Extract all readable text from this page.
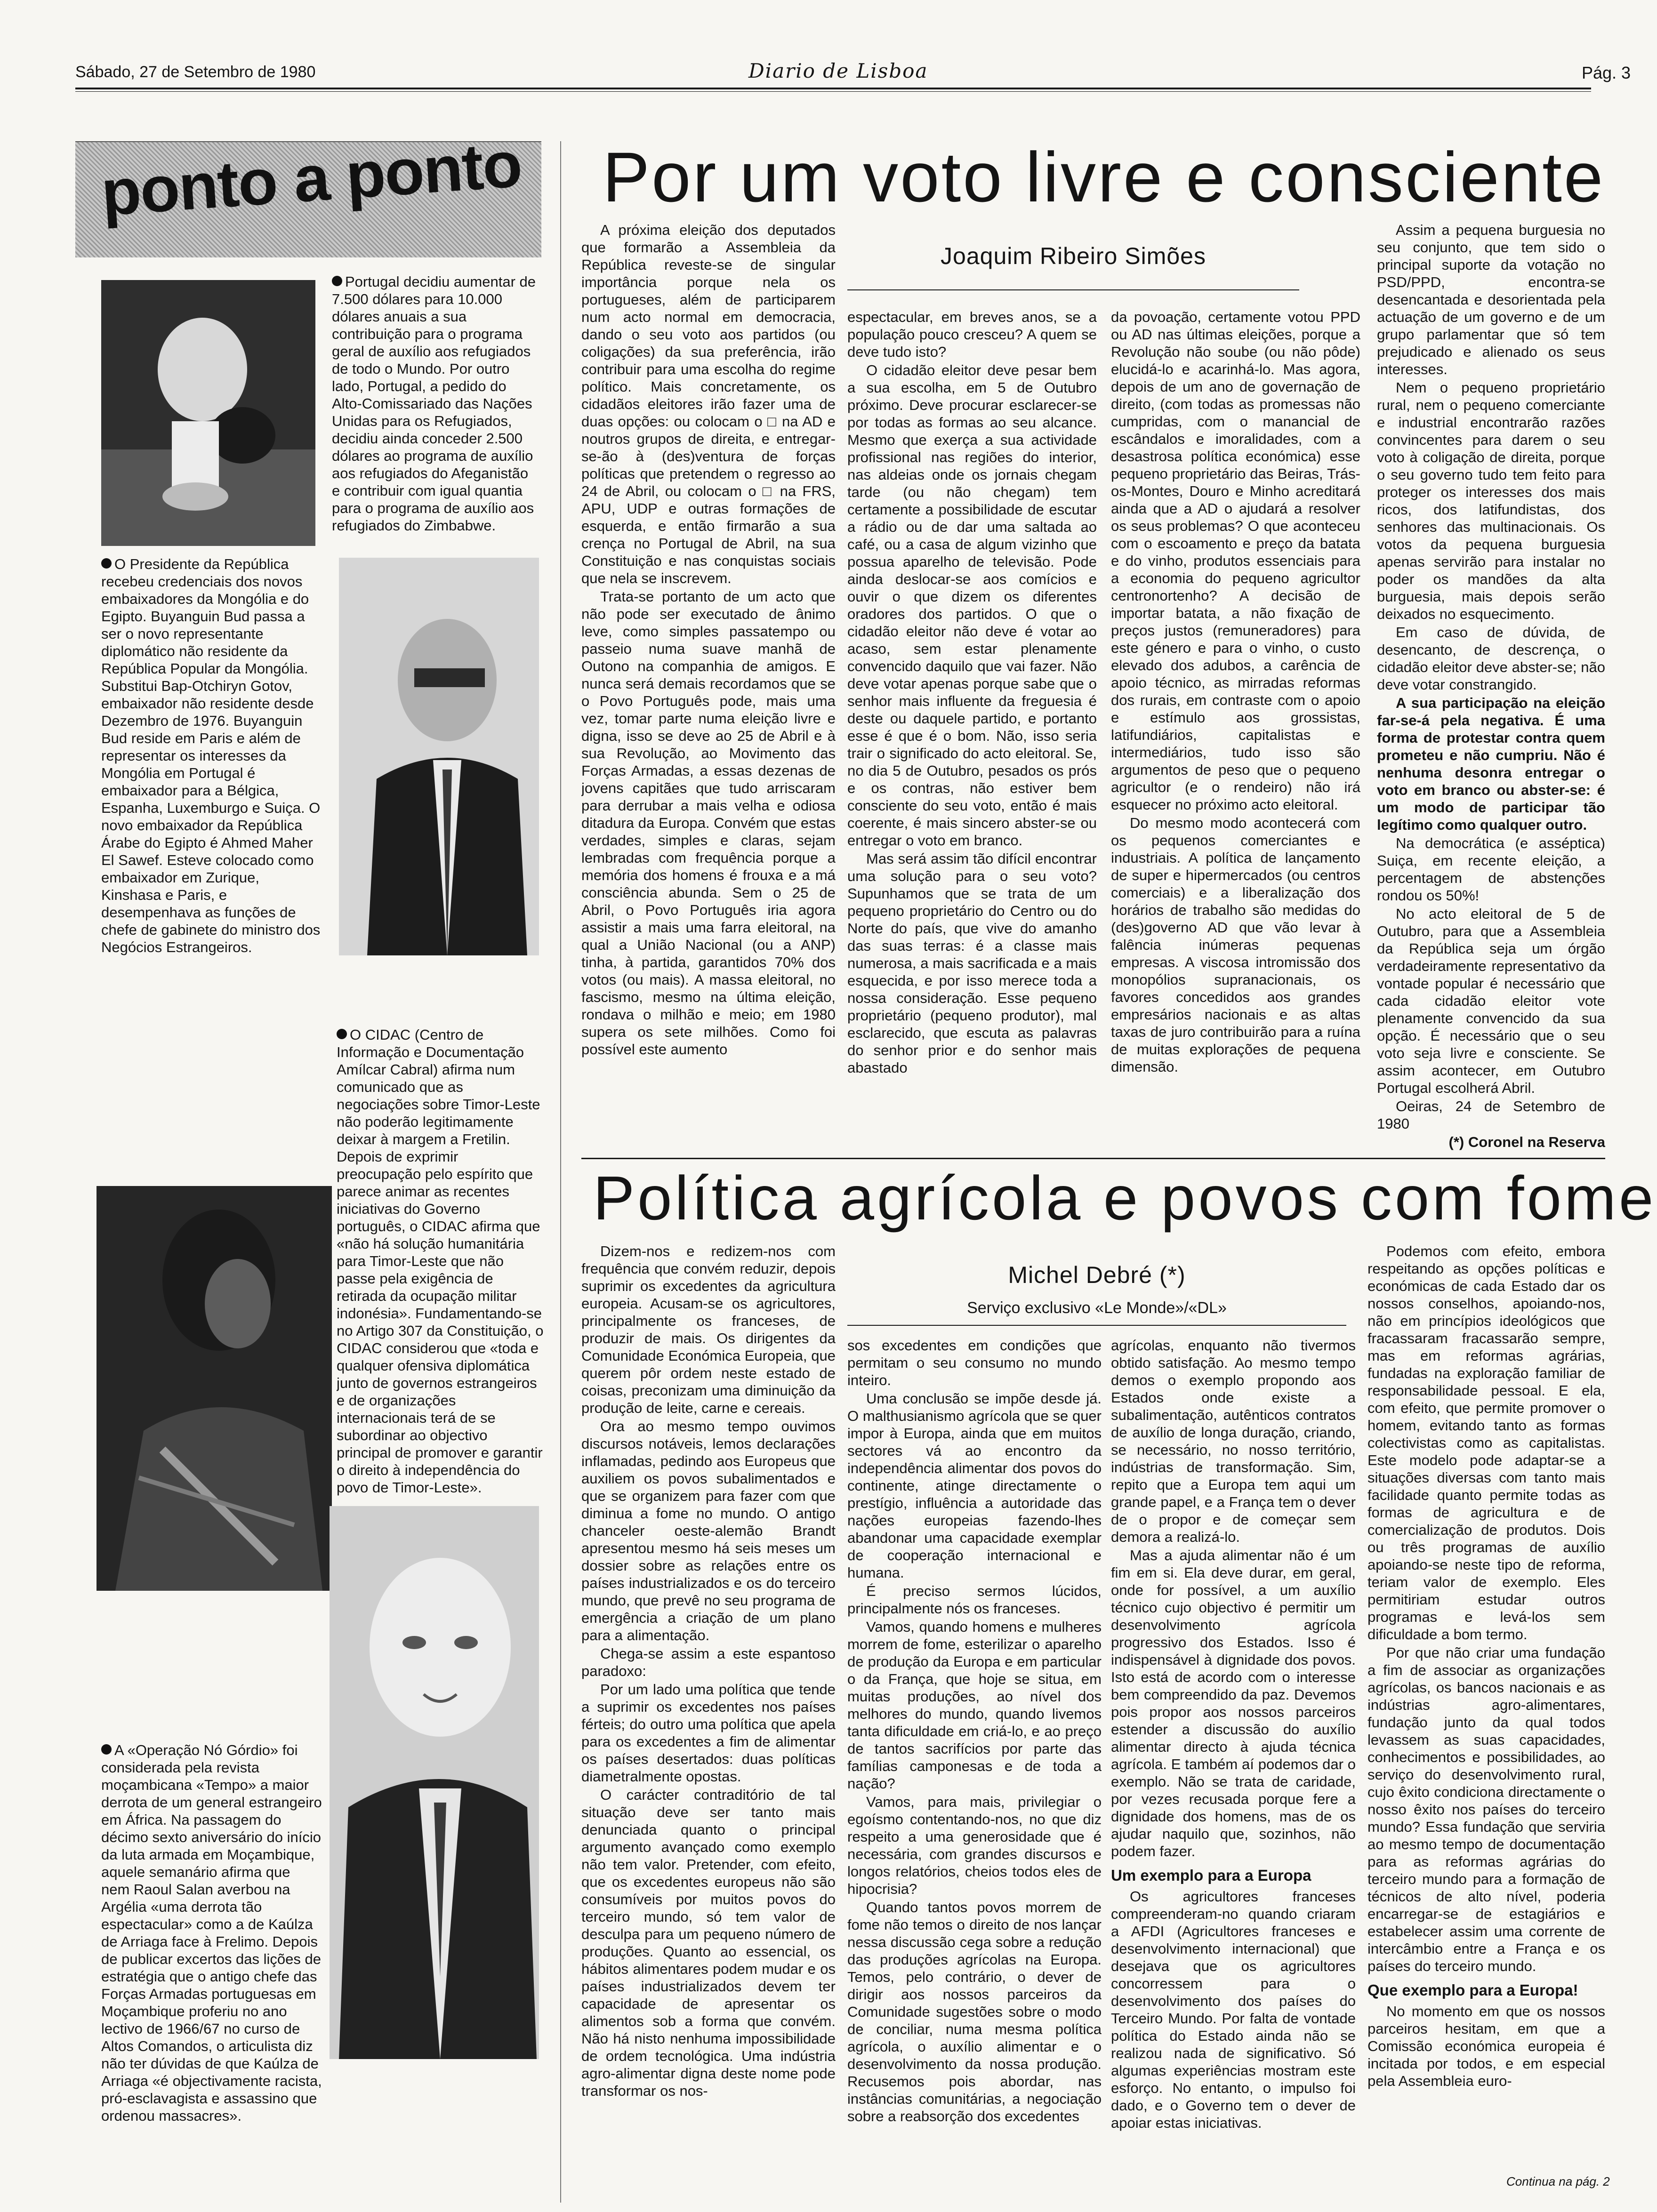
Sábado, 27 de Setembro de 1980	Diario de Lisboa	Pág. 3
ponto a ponto

Portugal decidiu aumentar de 7.500 dólares para 10.000 dólares anuais a sua contribuição para o programa geral de auxílio aos refugiados de todo o Mundo. Por outro lado, Portugal, a pedido do Alto-Comissariado das Nações Unidas para os Refugiados, decidiu ainda conceder 2.500 dólares ao programa de auxílio aos refugiados do Afeganistão e contribuir com igual quantia para o programa de auxílio aos refugiados do Zimbabwe.

O Presidente da República recebeu credenciais dos novos embaixadores da Mongólia e do Egipto. Buyanguin Bud passa a ser o novo representante diplomático não residente da República Popular da Mongólia. Substitui Bap-Otchiryn Gotov, embaixador não residente desde Dezembro de 1976. Buyanguin Bud reside em Paris e além de representar os interesses da Mongólia em Portugal é embaixador para a Bélgica, Espanha, Luxemburgo e Suiça. O novo embaixador da República Árabe do Egipto é Ahmed Maher El Sawef. Esteve colocado como embaixador em Zurique, Kinshasa e Paris, e desempenhava as funções de chefe de gabinete do ministro dos Negócios Estrangeiros.

O CIDAC (Centro de Informação e Documentação Amílcar Cabral) afirma num comunicado que as negociações sobre Timor-Leste não poderão legitimamente deixar à margem a Fretilin. Depois de exprimir preocupação pelo espírito que parece animar as recentes iniciativas do Governo português, o CIDAC afirma que «não há solução humanitária para Timor-Leste que não passe pela exigência de retirada da ocupação militar indonésia». Fundamentando-se no Artigo 307 da Constituição, o CIDAC considerou que «toda e qualquer ofensiva diplomática junto de governos estrangeiros e de organizações internacionais terá de se subordinar ao objectivo principal de promover e garantir o direito à independência do povo de Timor-Leste».

A «Operação Nó Górdio» foi considerada pela revista moçambicana «Tempo» a maior derrota de um general estrangeiro em África. Na passagem do décimo sexto aniversário do início da luta armada em Moçambique, aquele semanário afirma que nem Raoul Salan averbou na Argélia «uma derrota tão espectacular» como a de Kaúlza de Arriaga face à Frelimo. Depois de publicar excertos das lições de estratégia que o antigo chefe das Forças Armadas portuguesas em Moçambique proferiu no ano lectivo de 1966/67 no curso de Altos Comandos, o articulista diz não ter dúvidas de que Kaúlza de Arriaga «é objectivamente racista, pró-esclavagista e assassino que ordenou massacres».

Por um voto livre e consciente

A próxima eleição dos deputados que formarão a Assembleia da República reveste-se de singular importância porque nela os portugueses, além de participarem num acto normal em democracia, dando o seu voto aos partidos (ou coligações) da sua preferência, irão contribuir para uma escolha do regime político. Mais concretamente, os cidadãos eleitores irão fazer uma de duas opções: ou colocam o □ na AD e noutros grupos de direita, e entregar-se-ão à (des)ventura de forças políticas que pretendem o regresso ao 24 de Abril, ou colocam o □ na FRS, APU, UDP e outras formações de esquerda, e então firmarão a sua crença no Portugal de Abril, na sua Constituição e nas conquistas sociais que nela se inscrevem.

Trata-se portanto de um acto que não pode ser executado de ânimo leve, como simples passatempo ou passeio numa suave manhã de Outono na companhia de amigos. E nunca será demais recordamos que se o Povo Português pode, mais uma vez, tomar parte numa eleição livre e digna, isso se deve ao 25 de Abril e à sua Revolução, ao Movimento das Forças Armadas, a essas dezenas de jovens capitães que tudo arriscaram para derrubar a mais velha e odiosa ditadura da Europa. Convém que estas verdades, simples e claras, sejam lembradas com frequência porque a memória dos homens é frouxa e a má consciência abunda. Sem o 25 de Abril, o Povo Português iria agora assistir a mais uma farra eleitoral, na qual a União Nacional (ou a ANP) tinha, à partida, garantidos 70% dos votos (ou mais). A massa eleitoral, no fascismo, mesmo na última eleição, rondava o milhão e meio; em 1980 supera os sete milhões. Como foi possível este aumento

Joaquim Ribeiro Simões

espectacular, em breves anos, se a população pouco cresceu? A quem se deve tudo isto?

O cidadão eleitor deve pesar bem a sua escolha, em 5 de Outubro próximo. Deve procurar esclarecer-se por todas as formas ao seu alcance. Mesmo que exerça a sua actividade profissional nas regiões do interior, nas aldeias onde os jornais chegam tarde (ou não chegam) tem certamente a possibilidade de escutar a rádio ou de dar uma saltada ao café, ou a casa de algum vizinho que possua aparelho de televisão. Pode ainda deslocar-se aos comícios e ouvir o que dizem os diferentes oradores dos partidos. O que o cidadão eleitor não deve é votar ao acaso, sem estar plenamente convencido daquilo que vai fazer. Não deve votar apenas porque sabe que o senhor mais influente da freguesia é deste ou daquele partido, e portanto esse é que é o bom. Não, isso seria trair o significado do acto eleitoral. Se, no dia 5 de Outubro, pesados os prós e os contras, não estiver bem consciente do seu voto, então é mais coerente, é mais sincero abster-se ou entregar o voto em branco.

Mas será assim tão difícil encontrar uma solução para o seu voto? Supunhamos que se trata de um pequeno proprietário do Centro ou do Norte do país, que vive do amanho das suas terras: é a classe mais numerosa, a mais sacrificada e a mais esquecida, e por isso merece toda a nossa consideração. Esse pequeno proprietário (pequeno produtor), mal esclarecido, que escuta as palavras do senhor prior e do senhor mais abastado

da povoação, certamente votou PPD ou AD nas últimas eleições, porque a Revolução não soube (ou não pôde) elucidá-lo e acarinhá-lo. Mas agora, depois de um ano de governação de direito, (com todas as promessas não cumpridas, com o manancial de escândalos e imoralidades, com a desastrosa política económica) esse pequeno proprietário das Beiras, Trás-os-Montes, Douro e Minho acreditará ainda que a AD o ajudará a resolver os seus problemas? O que aconteceu com o escoamento e preço da batata e do vinho, produtos essenciais para a economia do pequeno agricultor centronortenho? A decisão de importar batata, a não fixação de preços justos (remuneradores) para este género e para o vinho, o custo elevado dos adubos, a carência de apoio técnico, as mirradas reformas dos rurais, em contraste com o apoio e estímulo aos grossistas, latifundiários, capitalistas e intermediários, tudo isso são argumentos de peso que o pequeno agricultor (e o rendeiro) não irá esquecer no próximo acto eleitoral.

Do mesmo modo acontecerá com os pequenos comerciantes e industriais. A política de lançamento de super e hipermercados (ou centros comerciais) e a liberalização dos horários de trabalho são medidas do (des)governo AD que vão levar à falência inúmeras pequenas empresas. A viscosa intromissão dos monopólios supranacionais, os favores concedidos aos grandes empresários nacionais e as altas taxas de juro contribuirão para a ruína de muitas explorações de pequena dimensão.

Assim a pequena burguesia no seu conjunto, que tem sido o principal suporte da votação no PSD/PPD, encontra-se desencantada e desorientada pela actuação de um governo e de um grupo parlamentar que só tem prejudicado e alienado os seus interesses.

Nem o pequeno proprietário rural, nem o pequeno comerciante e industrial encontrarão razões convincentes para darem o seu voto à coligação de direita, porque o seu governo tudo tem feito para proteger os interesses dos mais ricos, dos latifundistas, dos senhores das multinacionais. Os votos da pequena burguesia apenas servirão para instalar no poder os mandões da alta burguesia, mais depois serão deixados no esquecimento.

Em caso de dúvida, de desencanto, de descrença, o cidadão eleitor deve abster-se; não deve votar constrangido.

A sua participação na eleição far-se-á pela negativa. É uma forma de protestar contra quem prometeu e não cumpriu. Não é nenhuma desonra entregar o voto em branco ou abster-se: é um modo de participar tão legítimo como qualquer outro.

Na democrática (e asséptica) Suiça, em recente eleição, a percentagem de abstenções rondou os 50%!

No acto eleitoral de 5 de Outubro, para que a Assembleia da República seja um órgão verdadeiramente representativo da vontade popular é necessário que cada cidadão eleitor vote plenamente convencido da sua opção. É necessário que o seu voto seja livre e consciente. Se assim acontecer, em Outubro Portugal escolherá Abril.

Oeiras, 24 de Setembro de 1980

(*) Coronel na Reserva

Política agrícola e povos com fome

Dizem-nos e redizem-nos com frequência que convém reduzir, depois suprimir os excedentes da agricultura europeia. Acusam-se os agricultores, principalmente os franceses, de produzir de mais. Os dirigentes da Comunidade Económica Europeia, que querem pôr ordem neste estado de coisas, preconizam uma diminuição da produção de leite, carne e cereais.

Ora ao mesmo tempo ouvimos discursos notáveis, lemos declarações inflamadas, pedindo aos Europeus que auxiliem os povos subalimentados e que se organizem para fazer com que diminua a fome no mundo. O antigo chanceler oeste-alemão Brandt apresentou mesmo há seis meses um dossier sobre as relações entre os países industrializados e os do terceiro mundo, que prevê no seu programa de emergência a criação de um plano para a alimentação.

Chega-se assim a este espantoso paradoxo:

Por um lado uma política que tende a suprimir os excedentes nos países férteis; do outro uma política que apela para os excedentes a fim de alimentar os países desertados: duas políticas diametralmente opostas.

O carácter contraditório de tal situação deve ser tanto mais denunciada quanto o principal argumento avançado como exemplo não tem valor. Pretender, com efeito, que os excedentes europeus não são consumíveis por muitos povos do terceiro mundo, só tem valor de desculpa para um pequeno número de produções. Quanto ao essencial, os hábitos alimentares podem mudar e os países industrializados devem ter capacidade de apresentar os alimentos sob a forma que convém. Não há nisto nenhuma impossibilidade de ordem tecnológica. Uma indústria agro-alimentar digna deste nome pode transformar os nos-

Michel Debré (*)
Serviço exclusivo «Le Monde»/«DL»

sos excedentes em condições que permitam o seu consumo no mundo inteiro.

Uma conclusão se impõe desde já. O malthusianismo agrícola que se quer impor à Europa, ainda que em muitos sectores vá ao encontro da independência alimentar dos povos do continente, atinge directamente o prestígio, influência a autoridade das nações europeias fazendo-lhes abandonar uma capacidade exemplar de cooperação internacional e humana.

É preciso sermos lúcidos, principalmente nós os franceses.

Vamos, quando homens e mulheres morrem de fome, esterilizar o aparelho de produção da Europa e em particular o da França, que hoje se situa, em muitas produções, ao nível dos melhores do mundo, quando livemos tanta dificuldade em criá-lo, e ao preço de tantos sacrifícios por parte das famílias camponesas e de toda a nação?

Vamos, para mais, privilegiar o egoísmo contentando-nos, no que diz respeito a uma generosidade que é necessária, com grandes discursos e longos relatórios, cheios todos eles de hipocrisia?

Quando tantos povos morrem de fome não temos o direito de nos lançar nessa discussão cega sobre a redução das produções agrícolas na Europa. Temos, pelo contrário, o dever de dirigir aos nossos parceiros da Comunidade sugestões sobre o modo de conciliar, numa mesma política agrícola, o auxílio alimentar e o desenvolvimento da nossa produção. Recusemos pois abordar, nas instâncias comunitárias, a negociação sobre a reabsorção dos excedentes

agrícolas, enquanto não tivermos obtido satisfação. Ao mesmo tempo demos o exemplo propondo aos Estados onde existe a subalimentação, autênticos contratos de auxílio de longa duração, criando, se necessário, no nosso território, indústrias de transformação. Sim, repito que a Europa tem aqui um grande papel, e a França tem o dever de o propor e de começar sem demora a realizá-lo.

Mas a ajuda alimentar não é um fim em si. Ela deve durar, em geral, onde for possível, a um auxílio técnico cujo objectivo é permitir um desenvolvimento agrícola progressivo dos Estados. Isso é indispensável à dignidade dos povos. Isto está de acordo com o interesse bem compreendido da paz. Devemos pois propor aos nossos parceiros estender a discussão do auxílio alimentar directo à ajuda técnica agrícola. E também aí podemos dar o exemplo. Não se trata de caridade, por vezes recusada porque fere a dignidade dos homens, mas de os ajudar naquilo que, sozinhos, não podem fazer.

Um exemplo para a Europa

Os agricultores franceses compreenderam-no quando criaram a AFDI (Agricultores franceses e desenvolvimento internacional) que desejava que os agricultores concorressem para o desenvolvimento dos países do Terceiro Mundo. Por falta de vontade política do Estado ainda não se realizou nada de significativo. Só algumas experiências mostram este esforço. No entanto, o impulso foi dado, e o Governo tem o dever de apoiar estas iniciativas.

Podemos com efeito, embora respeitando as opções políticas e económicas de cada Estado dar os nossos conselhos, apoiando-nos, não em princípios ideológicos que fracassaram fracassarão sempre, mas em reformas agrárias, fundadas na exploração familiar de responsabilidade pessoal. E ela, com efeito, que permite promover o homem, evitando tanto as formas colectivistas como as capitalistas. Este modelo pode adaptar-se a situações diversas com tanto mais facilidade quanto permite todas as formas de agricultura e de comercialização de produtos. Dois ou três programas de auxílio apoiando-se neste tipo de reforma, teriam valor de exemplo. Eles permitiriam estudar outros programas e levá-los sem dificuldade a bom termo.

Por que não criar uma fundação a fim de associar as organizações agrícolas, os bancos nacionais e as indústrias agro-alimentares, fundação junto da qual todos levassem as suas capacidades, conhecimentos e possibilidades, ao serviço do desenvolvimento rural, cujo êxito condiciona directamente o nosso êxito nos países do terceiro mundo? Essa fundação que serviria ao mesmo tempo de documentação para as reformas agrárias do terceiro mundo para a formação de técnicos de alto nível, poderia encarregar-se de estagiários e estabelecer assim uma corrente de intercâmbio entre a França e os países do terceiro mundo.

Que exemplo para a Europa!

No momento em que os nossos parceiros hesitam, em que a Comissão económica europeia é incitada por todos, e em especial pela Assembleia euro-

Continua na pág. 2
